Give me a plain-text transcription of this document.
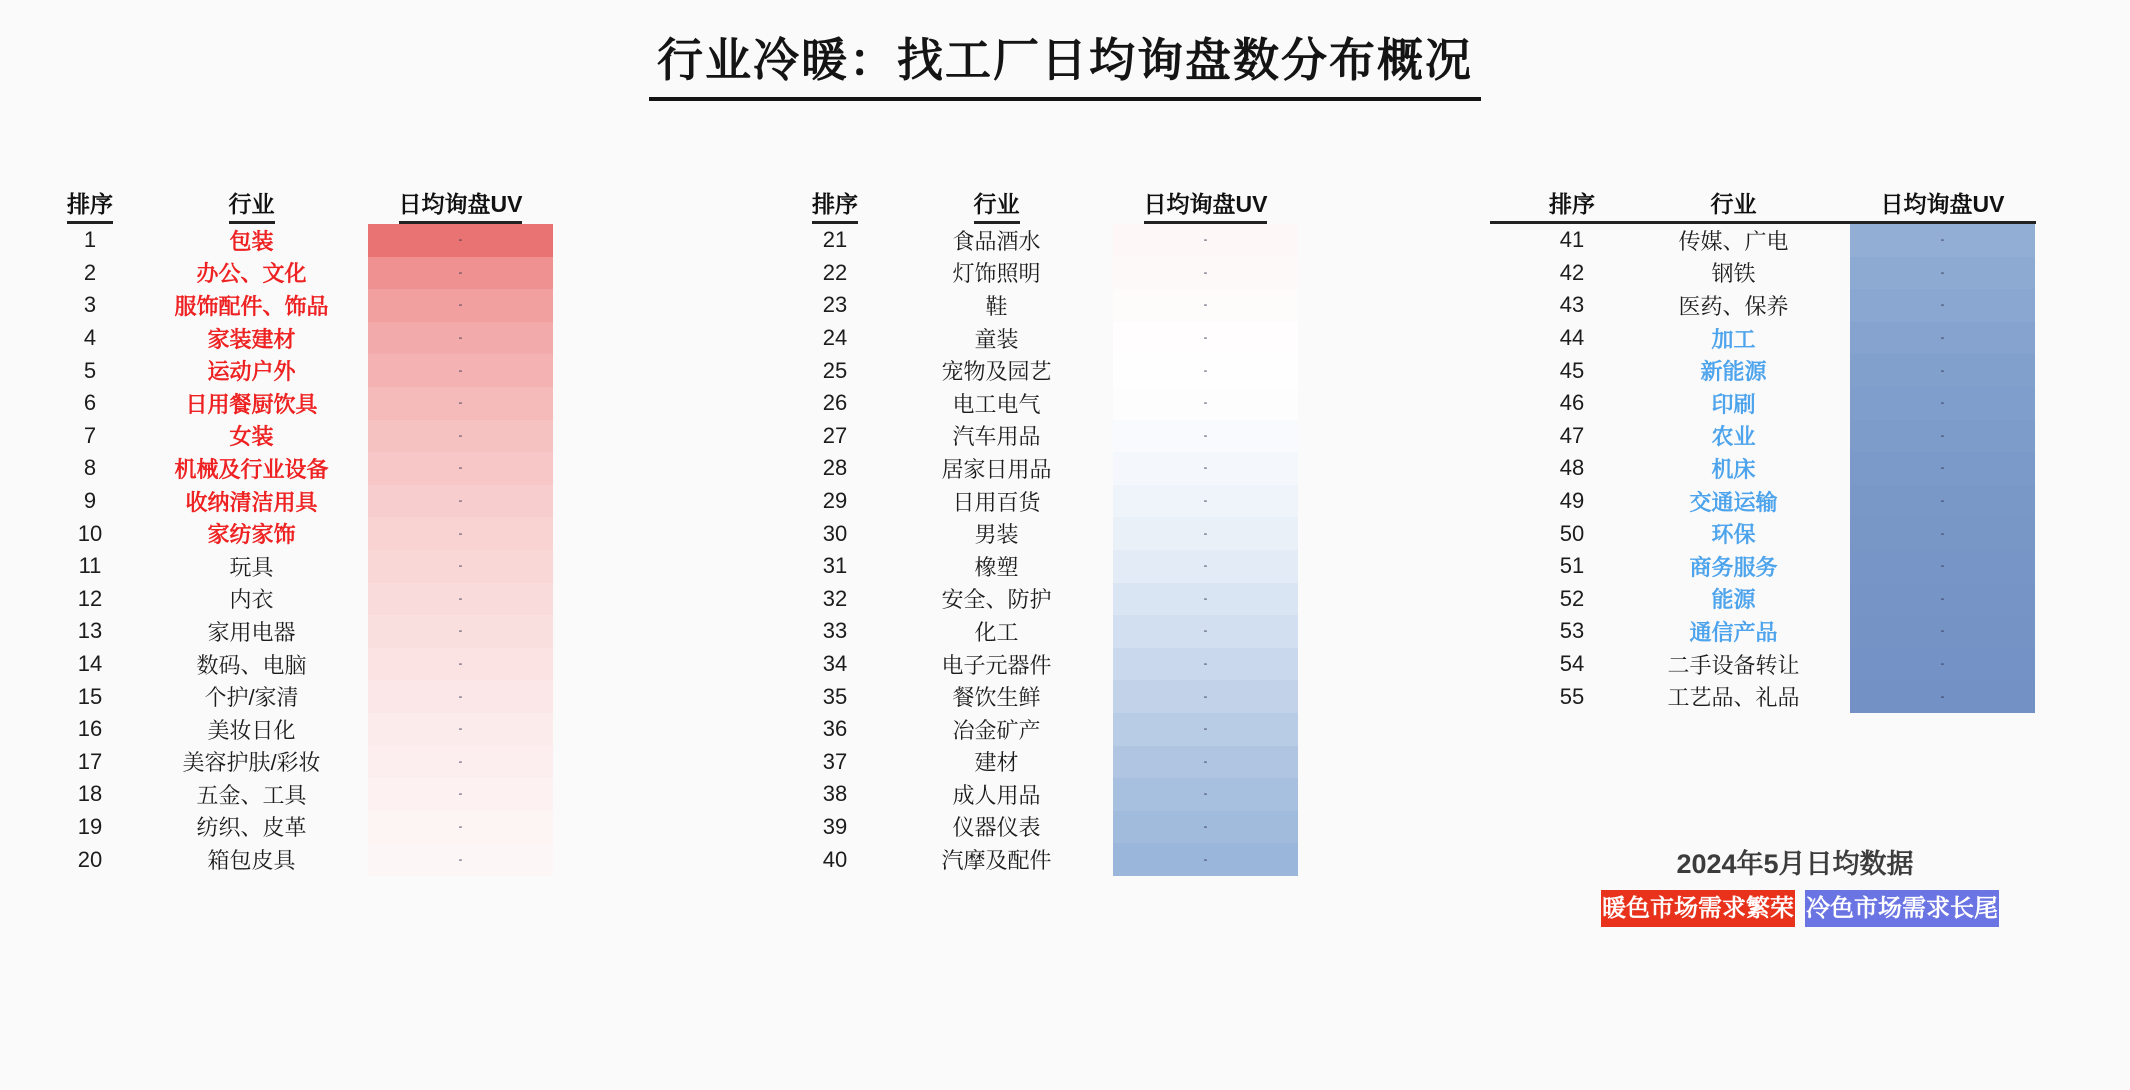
行业冷暖：找工厂日均询盘数分布概况
排序	行业	日均询盘UV
1	包装	-
2	办公、文化	-
3	服饰配件、饰品	-
4	家装建材	-
5	运动户外	-
6	日用餐厨饮具	-
7	女装	-
8	机械及行业设备	-
9	收纳清洁用具	-
10	家纺家饰	-
11	玩具	-
12	内衣	-
13	家用电器	-
14	数码、电脑	-
15	个护/家清	-
16	美妆日化	-
17	美容护肤/彩妆	-
18	五金、工具	-
19	纺织、皮革	-
20	箱包皮具	-
排序	行业	日均询盘UV
21	食品酒水	-
22	灯饰照明	-
23	鞋	-
24	童装	-
25	宠物及园艺	-
26	电工电气	-
27	汽车用品	-
28	居家日用品	-
29	日用百货	-
30	男装	-
31	橡塑	-
32	安全、防护	-
33	化工	-
34	电子元器件	-
35	餐饮生鲜	-
36	冶金矿产	-
37	建材	-
38	成人用品	-
39	仪器仪表	-
40	汽摩及配件	-
排序	行业	日均询盘UV
41	传媒、广电	-
42	钢铁	-
43	医药、保养	-
44	加工	-
45	新能源	-
46	印刷	-
47	农业	-
48	机床	-
49	交通运输	-
50	环保	-
51	商务服务	-
52	能源	-
53	通信产品	-
54	二手设备转让	-
55	工艺品、礼品	-
2024年5月日均数据
暖色市场需求繁荣 冷色市场需求长尾
